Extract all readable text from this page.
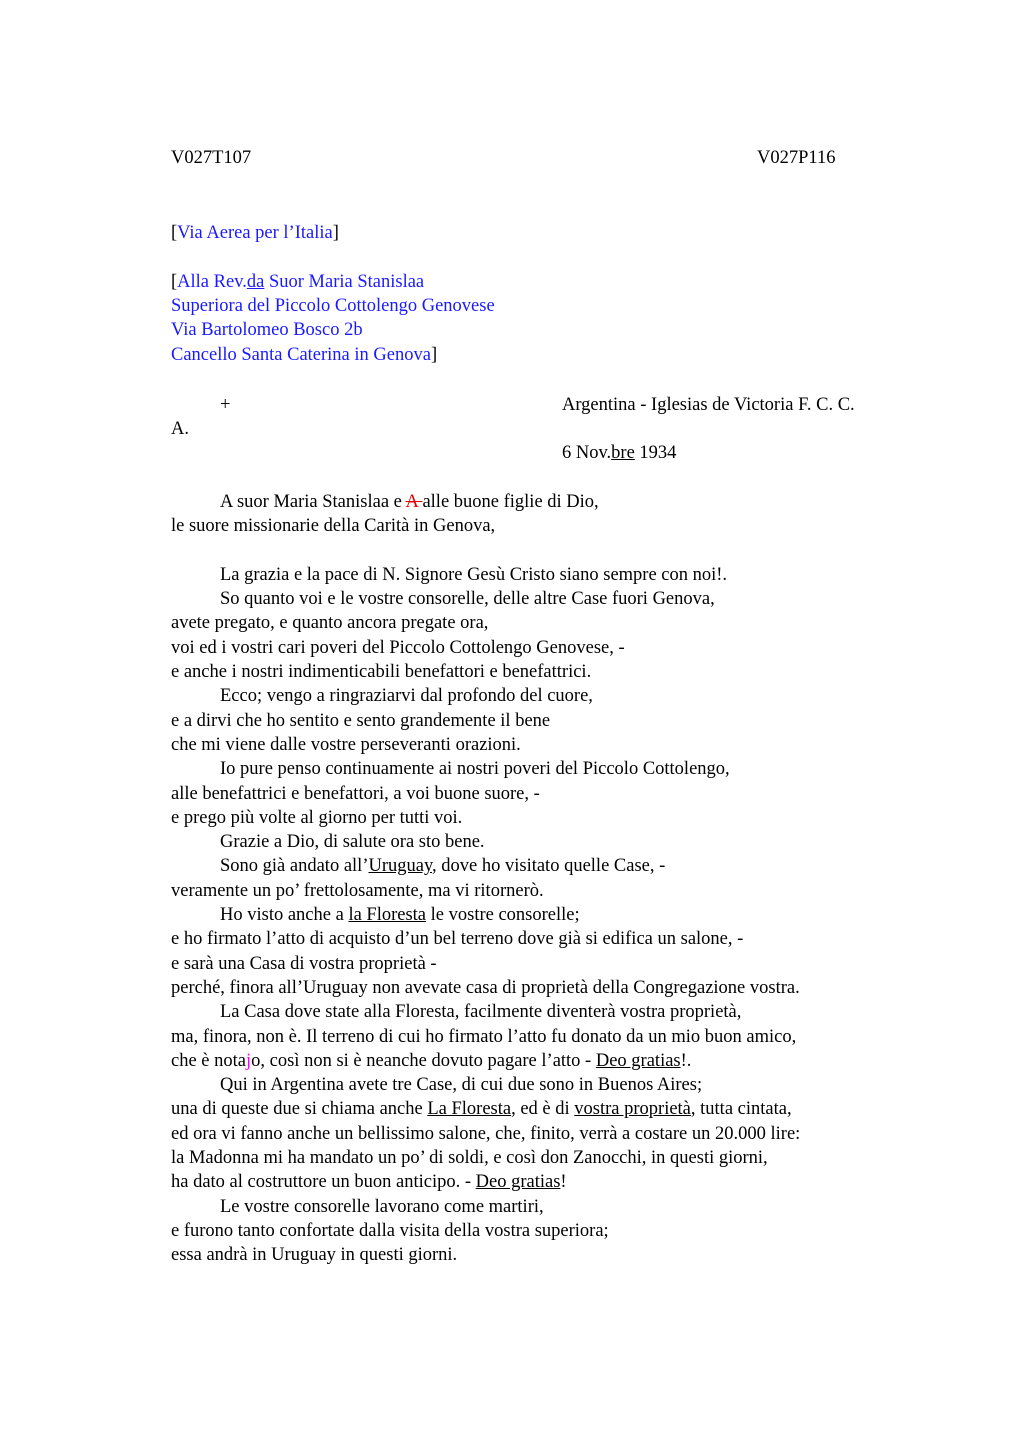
V027T107	V027P116
[Via Aerea per l’Italia]
[Alla Rev.da Suor Maria Stanislaa
Superiora del Piccolo Cottolengo Genovese
Via Bartolomeo Bosco 2b
Cancello Santa Caterina in Genova]
+	Argentina - Iglesias de Victoria F. C. C.
A.
6 Nov.bre 1934
A suor Maria Stanislaa e A alle buone figlie di Dio,
le suore missionarie della Carità in Genova,
La grazia e la pace di N. Signore Gesù Cristo siano sempre con noi!.
So quanto voi e le vostre consorelle, delle altre Case fuori Genova,
avete pregato, e quanto ancora pregate ora,
voi ed i vostri cari poveri del Piccolo Cottolengo Genovese, -
e anche i nostri indimenticabili benefattori e benefattrici.
Ecco; vengo a ringraziarvi dal profondo del cuore,
e a dirvi che ho sentito e sento grandemente il bene
che mi viene dalle vostre perseveranti orazioni.
Io pure penso continuamente ai nostri poveri del Piccolo Cottolengo,
alle benefattrici e benefattori, a voi buone suore, -
e prego più volte al giorno per tutti voi.
Grazie a Dio, di salute ora sto bene.
Sono già andato all’Uruguay, dove ho visitato quelle Case, -
veramente un po’ frettolosamente, ma vi ritornerò.
Ho visto anche a la Floresta le vostre consorelle;
e ho firmato l’atto di acquisto d’un bel terreno dove già si edifica un salone, -
e sarà una Casa di vostra proprietà -
perché, finora all’Uruguay non avevate casa di proprietà della Congregazione vostra.
La Casa dove state alla Floresta, facilmente diventerà vostra proprietà,
ma, finora, non è. Il terreno di cui ho firmato l’atto fu donato da un mio buon amico,
che è notajo, così non si è neanche dovuto pagare l’atto - Deo gratias!.
Qui in Argentina avete tre Case, di cui due sono in Buenos Aires;
una di queste due si chiama anche La Floresta, ed è di vostra proprietà, tutta cintata,
ed ora vi fanno anche un bellissimo salone, che, finito, verrà a costare un 20.000 lire:
la Madonna mi ha mandato un po’ di soldi, e così don Zanocchi, in questi giorni,
ha dato al costruttore un buon anticipo. - Deo gratias!
Le vostre consorelle lavorano come martiri,
e furono tanto confortate dalla visita della vostra superiora;
essa andrà in Uruguay in questi giorni.
